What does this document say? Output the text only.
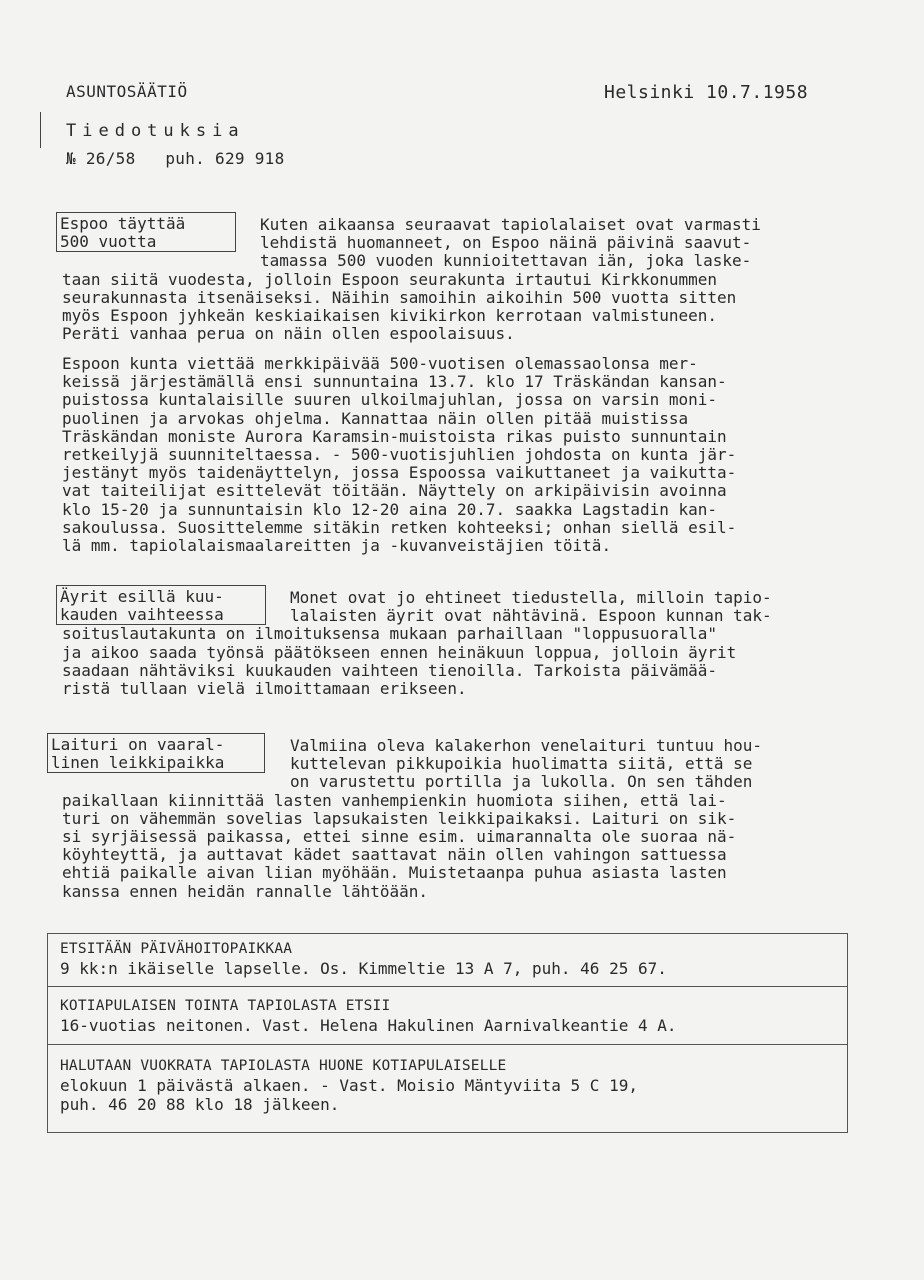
ASUNTOSÄÄTIÖ	Helsinki 10.7.1958
Tiedotuksia
№ 26/58 puh. 629 918
Espoo täyttää
500 vuotta
Kuten aikaansa seuraavat tapiolalaiset ovat varmasti
lehdistä huomanneet, on Espoo näinä päivinä saavut-
tamassa 500 vuoden kunnioitettavan iän, joka laske-
taan siitä vuodesta, jolloin Espoon seurakunta irtautui Kirkkonummen
seurakunnasta itsenäiseksi. Näihin samoihin aikoihin 500 vuotta sitten
myös Espoon jyhkeän keskiaikaisen kivikirkon kerrotaan valmistuneen.
Peräti vanhaa perua on näin ollen espoolaisuus.
Espoon kunta viettää merkkipäivää 500-vuotisen olemassaolonsa mer-
keissä järjestämällä ensi sunnuntaina 13.7. klo 17 Träskändan kansan-
puistossa kuntalaisille suuren ulkoilmajuhlan, jossa on varsin moni-
puolinen ja arvokas ohjelma. Kannattaa näin ollen pitää muistissa
Träskändan moniste Aurora Karamsin-muistoista rikas puisto sunnuntain
retkeilyjä suunniteltaessa. - 500-vuotisjuhlien johdosta on kunta jär-
jestänyt myös taidenäyttelyn, jossa Espoossa vaikuttaneet ja vaikutta-
vat taiteilijat esittelevät töitään. Näyttely on arkipäivisin avoinna
klo 15-20 ja sunnuntaisin klo 12-20 aina 20.7. saakka Lagstadin kan-
sakoulussa. Suosittelemme sitäkin retken kohteeksi; onhan siellä esil-
lä mm. tapiolalaismaalareitten ja -kuvanveistäjien töitä.
Äyrit esillä kuu-
kauden vaihteessa
Monet ovat jo ehtineet tiedustella, milloin tapio-
lalaisten äyrit ovat nähtävinä. Espoon kunnan tak-
soituslautakunta on ilmoituksensa mukaan parhaillaan "loppusuoralla"
ja aikoo saada työnsä päätökseen ennen heinäkuun loppua, jolloin äyrit
saadaan nähtäviksi kuukauden vaihteen tienoilla. Tarkoista päivämää-
ristä tullaan vielä ilmoittamaan erikseen.
Laituri on vaaral-
linen leikkipaikka
Valmiina oleva kalakerhon venelaituri tuntuu hou-
kuttelevan pikkupoikia huolimatta siitä, että se
on varustettu portilla ja lukolla. On sen tähden
paikallaan kiinnittää lasten vanhempienkin huomiota siihen, että lai-
turi on vähemmän sovelias lapsukaisten leikkipaikaksi. Laituri on sik-
si syrjäisessä paikassa, ettei sinne esim. uimarannalta ole suoraa nä-
köyhteyttä, ja auttavat kädet saattavat näin ollen vahingon sattuessa
ehtiä paikalle aivan liian myöhään. Muistetaanpa puhua asiasta lasten
kanssa ennen heidän rannalle lähtöään.
ETSITÄÄN PÄIVÄHOITOPAIKKAA
9 kk:n ikäiselle lapselle. Os. Kimmeltie 13 A 7, puh. 46 25 67.
KOTIAPULAISEN TOINTA TAPIOLASTA ETSII
16-vuotias neitonen. Vast. Helena Hakulinen Aarnivalkeantie 4 A.
HALUTAAN VUOKRATA TAPIOLASTA HUONE KOTIAPULAISELLE
elokuun 1 päivästä alkaen. - Vast. Moisio Mäntyviita 5 C 19,
puh. 46 20 88 klo 18 jälkeen.
